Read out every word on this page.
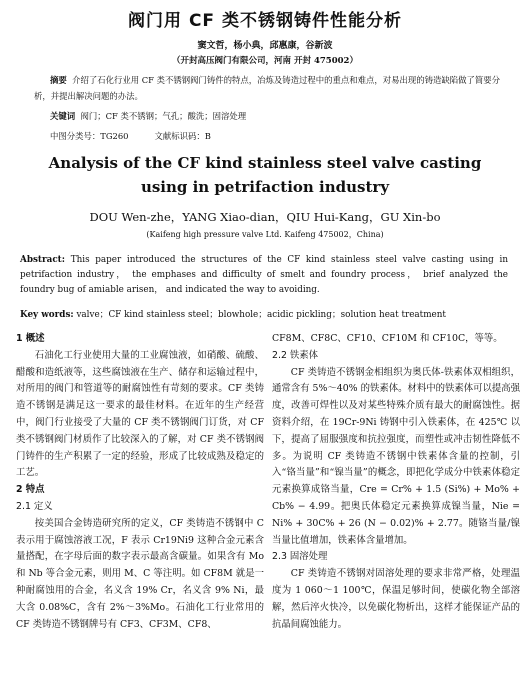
阀门用 CF 类不锈钢铸件性能分析
窦文哲，杨小典，邱惠康，谷新波
（开封高压阀门有限公司，河南 开封 475002）
摘要 介绍了石化行业用 CF 类不锈钢阀门铸件的特点，冶炼及铸造过程中的重点和难点，对易出现的铸造缺陷做了简要分析，并提出解决问题的办法。
关键词 阀门；CF 类不锈钢；气孔；酸洗；固溶处理
中图分类号：TG260	文献标识码：B
Analysis of the CF kind stainless steel valve casting
using in petrifaction industry
DOU Wen-zhe，YANG Xiao-dian，QIU Hui-Kang，GU Xin-bo
(Kaifeng high pressure valve Ltd. Kaifeng 475002，China)
Abstract: This paper introduced the structures of the CF kind stainless steel valve casting using in petrifaction industry， the emphases and difficulty of smelt and foundry process， brief analyzed the foundry bug of amiable arisen， and indicated the way to avoiding.
Key words: valve；CF kind stainless steel；blowhole；acidic pickling；solution heat treatment

1 概述

石油化工行业使用大量的工业腐蚀液，如硝酸、硫酸、醋酸和造纸液等，这些腐蚀液在生产、储存和运输过程中，对所用的阀门和管道等的耐腐蚀性有苛刻的要求。CF 类铸造不锈钢是满足这一要求的最佳材料。在近年的生产经营中，阀门行业接受了大量的 CF 类不锈钢阀门订货，对 CF 类不锈钢阀门材质作了比较深入的了解，对 CF 类不锈钢阀门铸件的生产积累了一定的经验，形成了比较成熟及稳定的工艺。

2 特点

2.1 定义

按美国合金铸造研究所的定义，CF 类铸造不锈钢中 C 表示用于腐蚀溶液工况，F 表示 Cr19Ni9 这种合金元素含量搭配，在字母后面的数字表示最高含碳量。如果含有 Mo 和 Nb 等合金元素，则用 M、C 等注明。如 CF8M 就是一种耐腐蚀用的合金，名义含 19% Cr，名义含 9% Ni，最大含 0.08%C，含有 2%～3%Mo。石油化工行业常用的 CF 类铸造不锈钢牌号有 CF3、CF3M、CF8、

CF8M、CF8C、CF10、CF10M 和 CF10C，等等。

2.2 铁素体

CF 类铸造不锈钢金相组织为奥氏体-铁素体双相组织，通常含有 5%～40% 的铁素体。材料中的铁素体可以提高强度，改善可焊性以及对某些特殊介质有最大的耐腐蚀性。据资料介绍，在 19Cr-9Ni 铸钢中引入铁素体，在 425℃ 以下，提高了屈服强度和抗拉强度，而塑性或冲击韧性降低不多。为说明 CF 类铸造不锈钢中铁素体含量的控制，引入“铬当量”和“镍当量”的概念，即把化学成分中铁素体稳定元素换算成铬当量，Cre = Cr% + 1.5 (Si%) + Mo% + Cb% − 4.99。把奥氏体稳定元素换算成镍当量，Nie = Ni% + 30C% + 26 (N − 0.02)% + 2.77。随铬当量/镍当量比值增加，铁素体含量增加。

2.3 固溶处理

CF 类铸造不锈钢对固溶处理的要求非常严格，处理温度为 1 060～1 100℃，保温足够时间，使碳化物全部溶解，然后淬火快冷，以免碳化物析出，这样才能保证产品的抗晶间腐蚀能力。
